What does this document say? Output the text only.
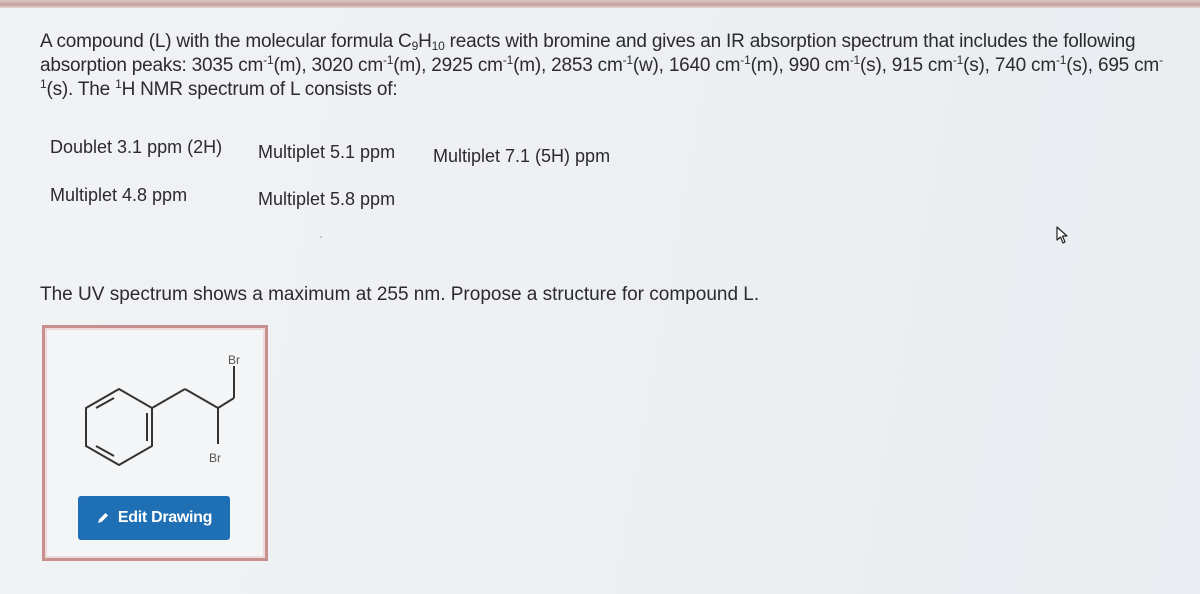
A compound (L) with the molecular formula $C_9H_{10}$ reacts with bromine and gives an IR absorption spectrum that includes the following absorption peaks: 3035 $cm^{-1}(m)$, 3020 $cm^{-1}(m)$, 2925 $cm^{-1}(m)$, 2853 $cm^{-1}(w)$, 1640 $cm^{-1}(m)$, 990 $cm^{-1}(s)$, 915 $cm^{-1}(s)$, 740 $cm^{-1}(s)$, 695 $cm^{-1}(s)$. The $^1$H NMR spectrum of L consists of:
Doublet 3.1 ppm (2H) Multiplet 5.1 ppm Multiplet 7.1 (5H) ppm
Multiplet 4.8 ppm	Multiplet 5.8 ppm
The UV spectrum shows a maximum at 255 nm. Propose a structure for compound L.
Br
Br
Edit Drawing
